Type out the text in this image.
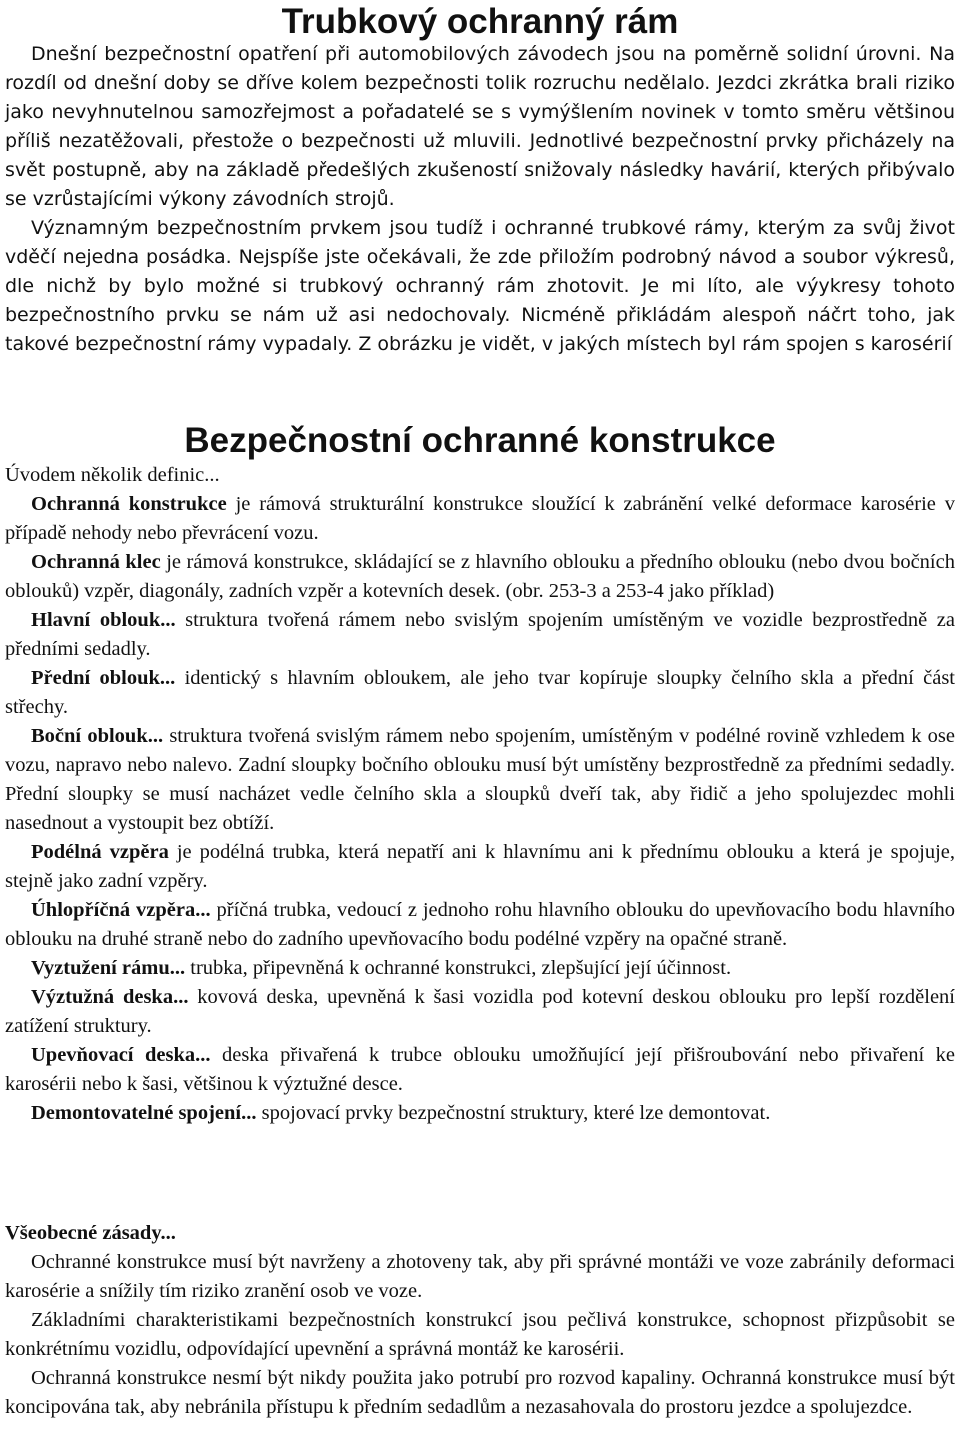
Trubkový ochranný rám

Dnešní bezpečnostní opatření při automobilových závodech jsou na poměrně solidní úrovni. Na rozdíl od dnešní doby se dříve kolem bezpečnosti tolik rozruchu nedělalo. Jezdci zkrátka brali riziko jako nevyhnutelnou samozřejmost a pořadatelé se s vymýšlením novinek v tomto směru většinou příliš nezatěžovali, přestože o bezpečnosti už mluvili. Jednotlivé bezpečnostní prvky přicházely na svět postupně, aby na základě předešlých zkušeností snižovaly následky havárií, kterých přibývalo se vzrůstajícími výkony závodních strojů.

Významným bezpečnostním prvkem jsou tudíž i ochranné trubkové rámy, kterým za svůj život vděčí nejedna posádka. Nejspíše jste očekávali, že zde přiložím podrobný návod a soubor výkresů, dle nichž by bylo možné si trubkový ochranný rám zhotovit. Je mi líto, ale výykresy tohoto bezpečnostního prvku se nám už asi nedochovaly. Nicméně přikládám alespoň náčrt toho, jak takové bezpečnostní rámy vypadaly. Z obrázku je vidět, v jakých místech byl rám spojen s karosérií

Bezpečnostní ochranné konstrukce

Úvodem několik definic...

Ochranná konstrukce je rámová strukturální konstrukce sloužící k zabránění velké deformace karosérie v případě nehody nebo převrácení vozu.

Ochranná klec je rámová konstrukce, skládající se z hlavního oblouku a předního oblouku (nebo dvou bočních oblouků) vzpěr, diagonály, zadních vzpěr a kotevních desek. (obr. 253-3 a 253-4 jako příklad)

Hlavní oblouk... struktura tvořená rámem nebo svislým spojením umístěným ve vozidle bezprostředně za předními sedadly.

Přední oblouk... identický s hlavním obloukem, ale jeho tvar kopíruje sloupky čelního skla a přední část střechy.

Boční oblouk... struktura tvořená svislým rámem nebo spojením, umístěným v podélné rovině vzhledem k ose vozu, napravo nebo nalevo. Zadní sloupky bočního oblouku musí být umístěny bezprostředně za předními sedadly. Přední sloupky se musí nacházet vedle čelního skla a sloupků dveří tak, aby řidič a jeho spolujezdec mohli nasednout a vystoupit bez obtíží.

Podélná vzpěra je podélná trubka, která nepatří ani k hlavnímu ani k přednímu oblouku a která je spojuje, stejně jako zadní vzpěry.

Úhlopříčná vzpěra... příčná trubka, vedoucí z jednoho rohu hlavního oblouku do upevňovacího bodu hlavního oblouku na druhé straně nebo do zadního upevňovacího bodu podélné vzpěry na opačné straně.

Vyztužení rámu... trubka, připevněná k ochranné konstrukci, zlepšující její účinnost.

Výztužná deska... kovová deska, upevněná k šasi vozidla pod kotevní deskou oblouku pro lepší rozdělení zatížení struktury.

Upevňovací deska... deska přivařená k trubce oblouku umožňující její přišroubování nebo přivaření ke karosérii nebo k šasi, většinou k výztužné desce.

Demontovatelné spojení... spojovací prvky bezpečnostní struktury, které lze demontovat.

Všeobecné zásady...

Ochranné konstrukce musí být navrženy a zhotoveny tak, aby při správné montáži ve voze zabránily deformaci karosérie a snížily tím riziko zranění osob ve voze.

Základními charakteristikami bezpečnostních konstrukcí jsou pečlivá konstrukce, schopnost přizpůsobit se konkrétnímu vozidlu, odpovídající upevnění a správná montáž ke karosérii.

Ochranná konstrukce nesmí být nikdy použita jako potrubí pro rozvod kapaliny. Ochranná konstrukce musí být koncipována tak, aby nebránila přístupu k předním sedadlům a nezasahovala do prostoru jezdce a spolujezdce.
